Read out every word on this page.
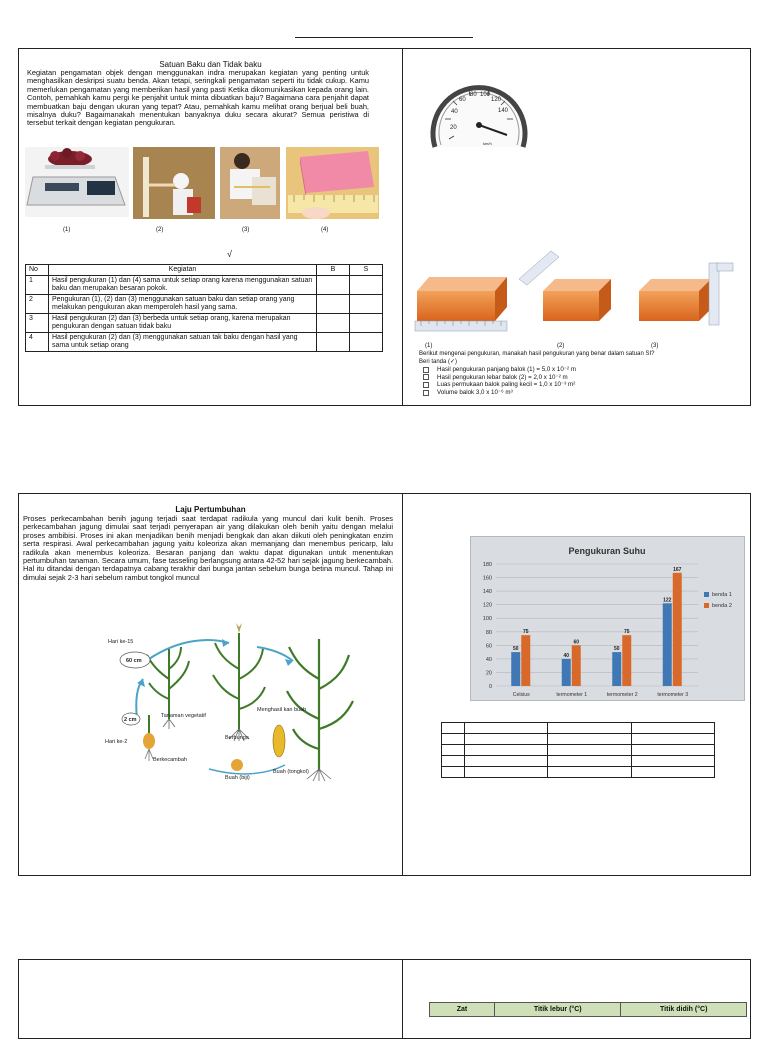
Satuan Baku dan Tidak baku
Kegiatan pengamatan objek dengan menggunakan indra merupakan kegiatan yang penting untuk menghasilkan deskripsi suatu benda. Akan tetapi, seringkali pengamatan seperti itu tidak cukup. Kamu memerlukan pengamatan yang memberikan hasil yang pasti Ketika dikomunikasikan kepada orang lain. Contoh, pernahkah kamu pergi ke penjahit untuk minta dibuatkan baju? Bagaimana cara penjahit dapat membuatkan baju dengan ukuran yang tepat? Atau, pernahkah kamu melihat orang berjual beli buah, misalnya duku? Bagaimanakah menentukan banyaknya duku secara akurat? Semua peristiwa di tersebut terkait dengan kegiatan pengukuran.
(1)	(2)	(3)	(4)
√
No	Kegiatan	B	S
1	Hasil pengukuran (1) dan (4) sama untuk setiap orang karena menggunakan satuan baku dan merupakan besaran pokok.		
2	Pengukuran (1), (2) dan (3) menggunakan satuan baku dan setiap orang yang melakukan pengukuran akan memperoleh hasil yang sama.		
3	Hasil pengukuran (2) dan (3) berbeda untuk setiap orang, karena merupakan pengukuran dengan satuan tidak baku		
4	Hasil pengukuran (2) dan (3) menggunakan satuan tak baku dengan hasil yang sama untuk setiap orang		
20
40
60
80 100
120
140
km/h
(1)	(2)	(3)
Berikut mengenai pengukuran, manakah hasil pengukuran yang benar dalam satuan SI?
Beri tanda (✓)
Hasil pengukuran panjang balok (1) = 5,0 x 10⁻² m
Hasil pengukuran lebar balok (2) = 2,0 x 10⁻² m
Luas permukaan balok paling kecil = 1,0 x 10⁻³ m²
Volume balok 3,0 x 10⁻⁶ m³
Laju Pertumbuhan
Proses perkecambahan benih jagung terjadi saat terdapat radikula yang muncul dari kulit benih. Proses perkecambahan jagung dimulai saat terjadi penyerapan air yang dilakukan oleh benih yaitu dengan melalui proses ambibisi. Proses ini akan menjadikan benih menjadi bengkak dan akan diikuti oleh peningkatan enzim serta respirasi. Awal perkecambahan jagung yaitu koleoriza akan memanjang dan menembus pericarp, lalu radikula akan menembus koleoriza. Besaran panjang dan waktu dapat digunakan untuk menentukan pertumbuhan tanaman. Secara umum, fase tasseling berlangsung antara 42-52 hari sejak jagung berkecambah. Hal itu ditandai dengan terdapatnya cabang terakhir dari bunga jantan sebelum bunga betina muncul. Tahap ini dimulai sejak 2-3 hari sebelum rambut tongkol muncul
Hari ke-15
60 cm
Tanaman vegetatif
2 cm
Hari ke-2
Berkecambah
Berbunga
Menghasil kan buah
Buah (biji)
Buah (tongkol)
Pengukuran Suhu
0
20
40
60
80
100
120
140
160
180
50
75
40
60
50
75
122
167
Celsius	termometer 1	termometer 2	termometer 3
benda 1
benda 2

Zat	Titik lebur (°C)	Titik didih (°C)
